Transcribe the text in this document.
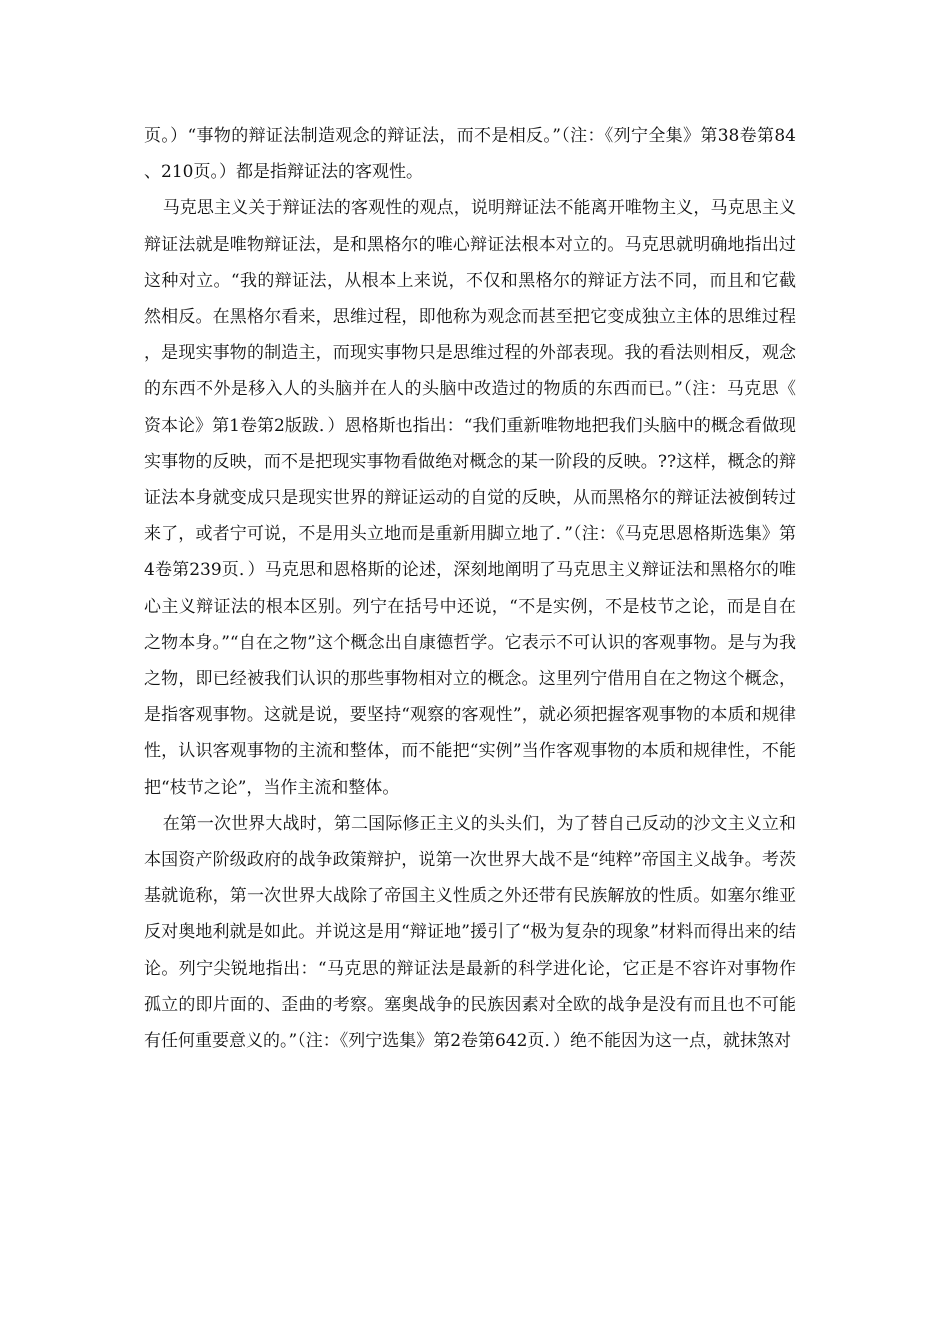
页。）“事物的辩证法制造观念的辩证法，而不是相反。”（注：《列宁全集》第38卷第84、210页。）都是指辩证法的客观性。

马克思主义关于辩证法的客观性的观点，说明辩证法不能离开唯物主义，马克思主义辩证法就是唯物辩证法，是和黑格尔的唯心辩证法根本对立的。马克思就明确地指出过这种对立。“我的辩证法，从根本上来说，不仅和黑格尔的辩证方法不同，而且和它截然相反。在黑格尔看来，思维过程，即他称为观念而甚至把它变成独立主体的思维过程，是现实事物的制造主，而现实事物只是思维过程的外部表现。我的看法则相反，观念的东西不外是移入人的头脑并在人的头脑中改造过的物质的东西而已。”（注：马克思《资本论》第1卷第2版跋．）恩格斯也指出：“我们重新唯物地把我们头脑中的概念看做现实事物的反映，而不是把现实事物看做绝对概念的某一阶段的反映。??这样，概念的辩证法本身就变成只是现实世界的辩证运动的自觉的反映，从而黑格尔的辩证法被倒转过来了，或者宁可说，不是用头立地而是重新用脚立地了．”（注：《马克思恩格斯选集》第4卷第239页．）马克思和恩格斯的论述，深刻地阐明了马克思主义辩证法和黑格尔的唯心主义辩证法的根本区别。列宁在括号中还说，“不是实例，不是枝节之论，而是自在之物本身。”“自在之物”这个概念出自康德哲学。它表示不可认识的客观事物。是与为我之物，即已经被我们认识的那些事物相对立的概念。这里列宁借用自在之物这个概念，是指客观事物。这就是说，要坚持“观察的客观性”，就必须把握客观事物的本质和规律性，认识客观事物的主流和整体，而不能把“实例”当作客观事物的本质和规律性，不能把“枝节之论”，当作主流和整体。

在第一次世界大战时，第二国际修正主义的头头们，为了替自己反动的沙文主义立和本国资产阶级政府的战争政策辩护，说第一次世界大战不是“纯粹”帝国主义战争。考茨基就诡称，第一次世界大战除了帝国主义性质之外还带有民族解放的性质。如塞尔维亚反对奥地利就是如此。并说这是用“辩证地”援引了“极为复杂的现象”材料而得出来的结论。列宁尖锐地指出：“马克思的辩证法是最新的科学进化论，它正是不容许对事物作孤立的即片面的、歪曲的考察。塞奥战争的民族因素对全欧的战争是没有而且也不可能有任何重要意义的。”（注：《列宁选集》第2卷第642页．）绝不能因为这一点，就抹煞对
